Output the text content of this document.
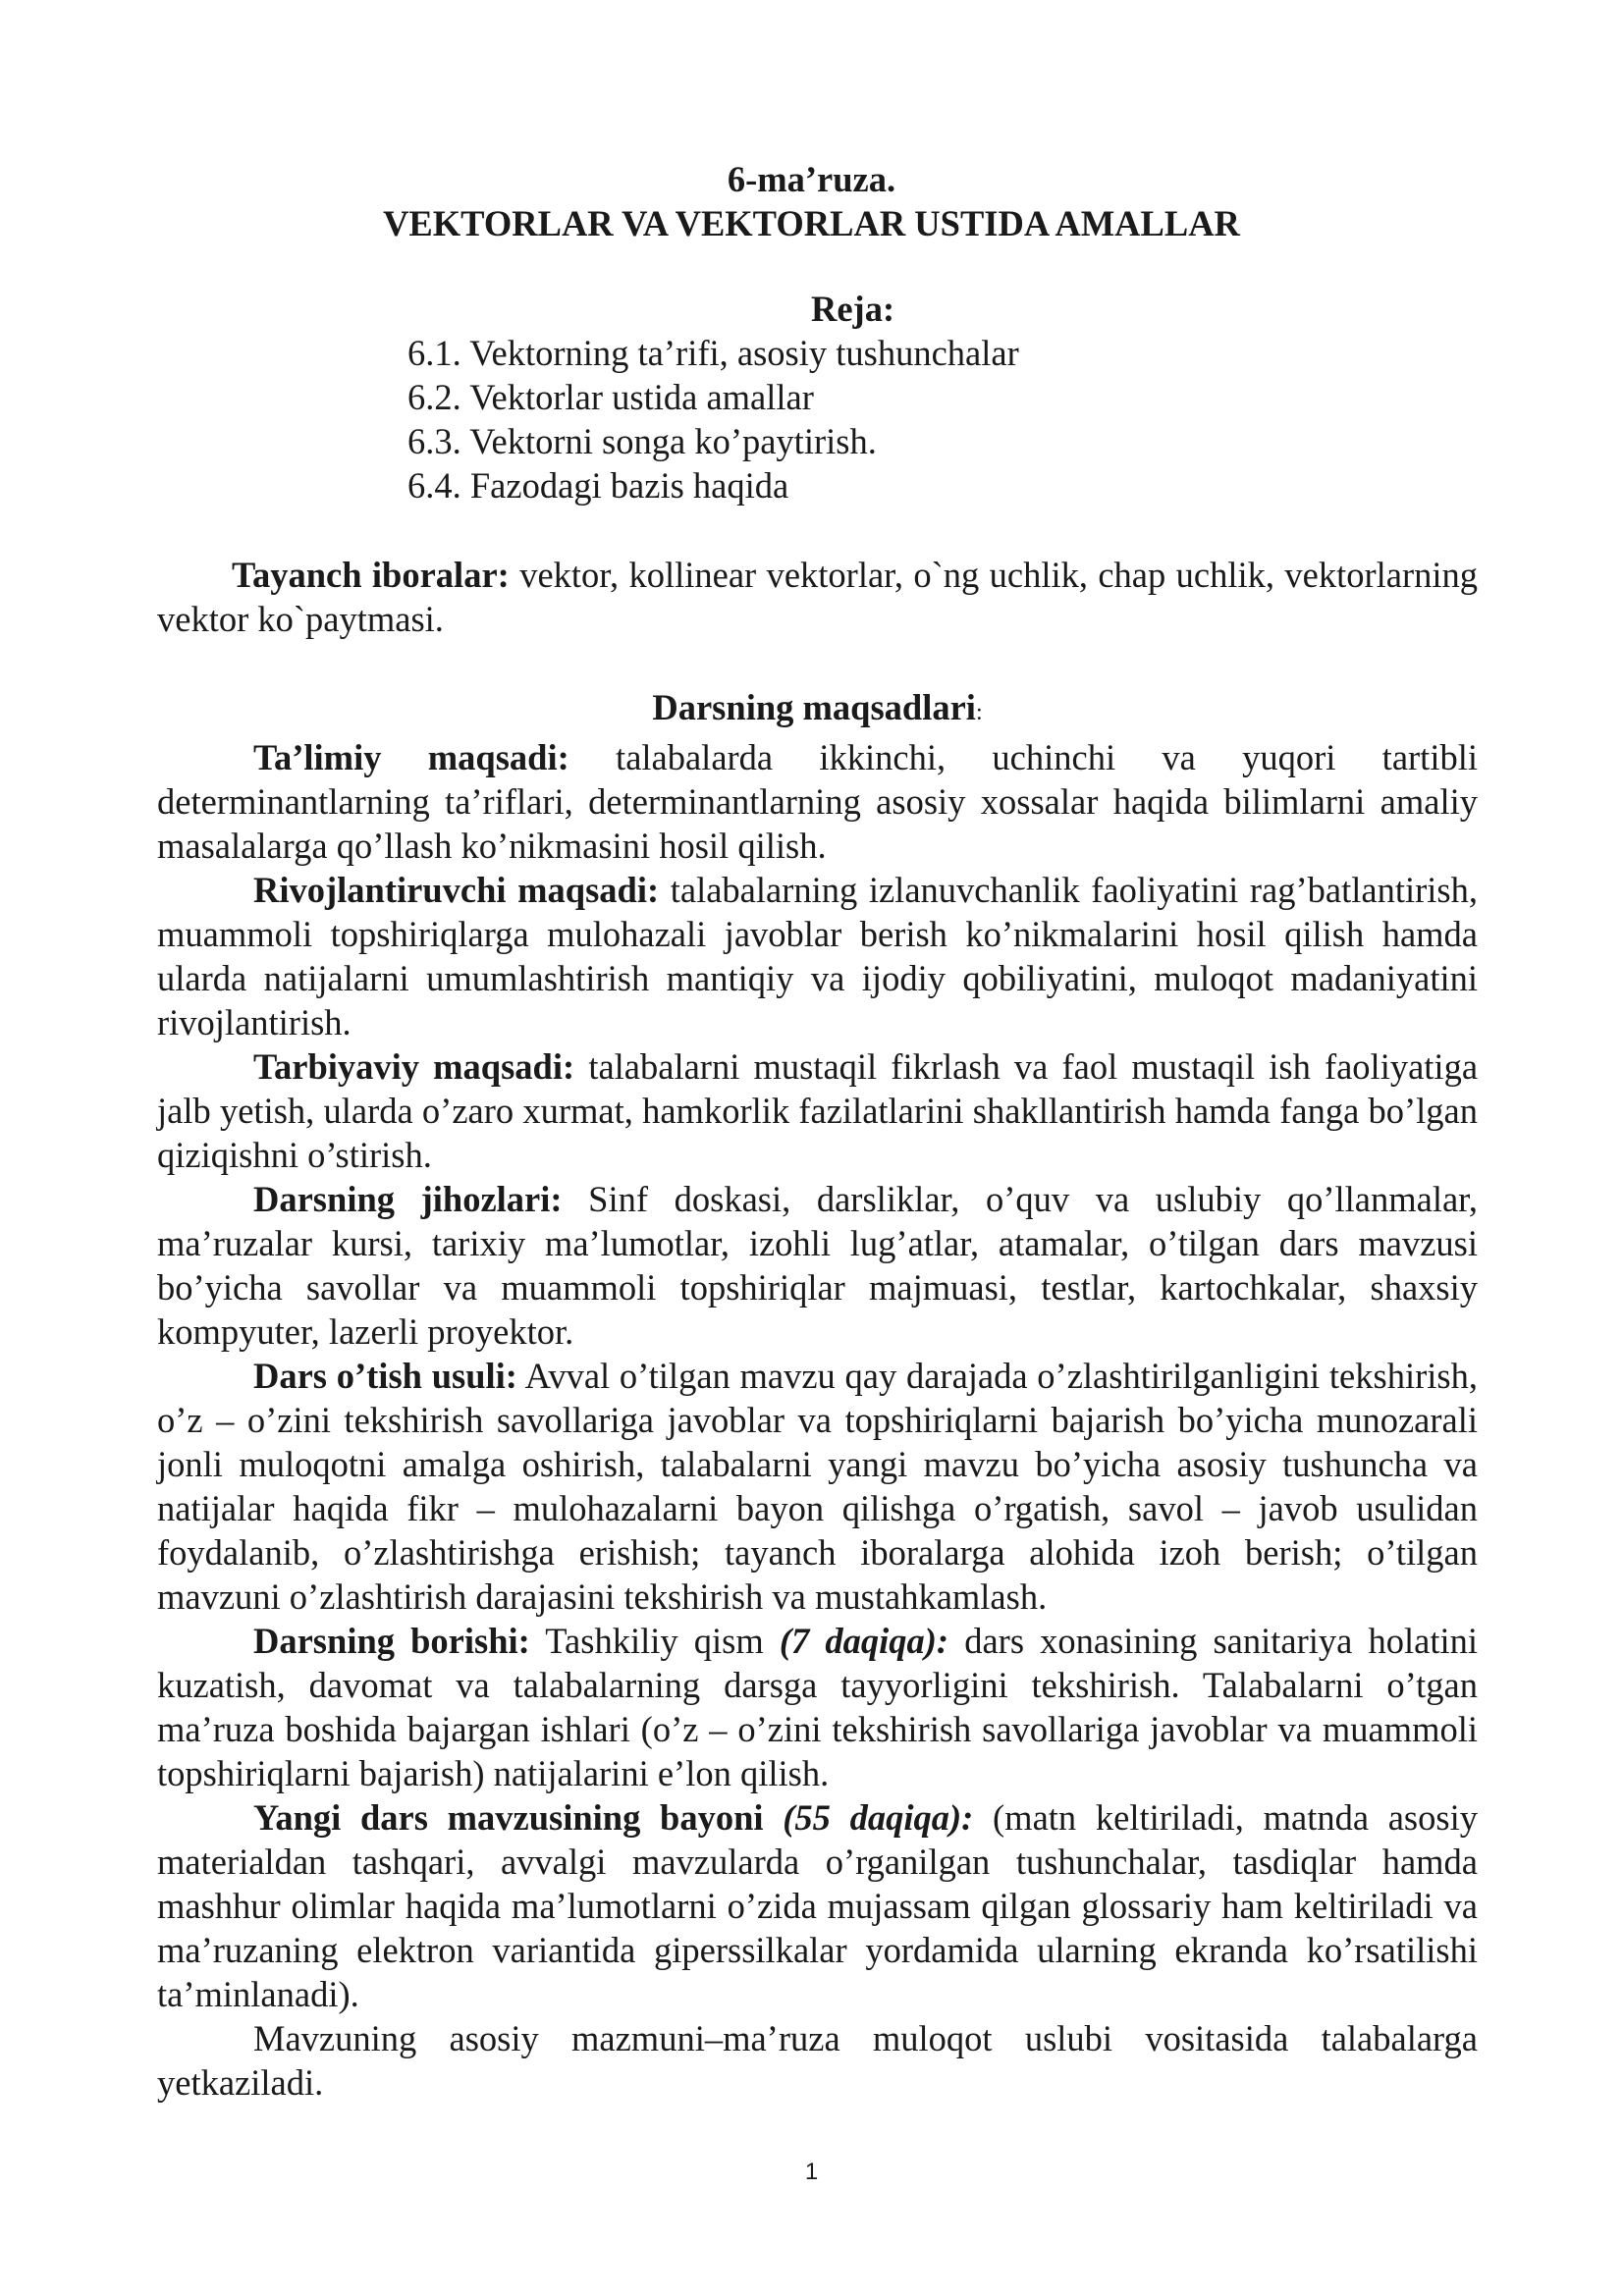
6-ma’ruza.
VEKTORLAR VA VEKTORLAR USTIDA AMALLAR
Reja:
6.1. Vektorning ta’rifi, asosiy tushunchalar
6.2. Vektorlar ustida amallar
6.3. Vektorni songa ko’paytirish.
6.4. Fazodagi bazis haqida

Tayanch iboralar: vektor, kollinear vektorlar, o`ng uchlik, chap uchlik, vektorlarning vektor ko`paytmasi.

Darsning maqsadlari:

Ta’limiy maqsadi: talabalarda ikkinchi, uchinchi va yuqori tartibli determinantlarning ta’riflari, determinantlarning asosiy xossalar haqida bilimlarni amaliy masalalarga qo’llash ko’nikmasini hosil qilish.

Rivojlantiruvchi maqsadi: talabalarning izlanuvchanlik faoliyatini rag’batlantirish, muammoli topshiriqlarga mulohazali javoblar berish ko’nikmalarini hosil qilish hamda ularda natijalarni umumlashtirish mantiqiy va ijodiy qobiliyatini, muloqot madaniyatini rivojlantirish.

Tarbiyaviy maqsadi: talabalarni mustaqil fikrlash va faol mustaqil ish faoliyatiga jalb yetish, ularda o’zaro xurmat, hamkorlik fazilatlarini shakllantirish hamda fanga bo’lgan qiziqishni o’stirish.

Darsning jihozlari: Sinf doskasi, darsliklar, o’quv va uslubiy qo’llanmalar, ma’ruzalar kursi, tarixiy ma’lumotlar, izohli lug’atlar, atamalar, o’tilgan dars mavzusi bo’yicha savollar va muammoli topshiriqlar majmuasi, testlar, kartochkalar, shaxsiy kompyuter, lazerli proyektor.

Dars o’tish usuli: Avval o’tilgan mavzu qay darajada o’zlashtirilganligini tekshirish, o’z – o’zini tekshirish savollariga javoblar va topshiriqlarni bajarish bo’yicha munozarali jonli muloqotni amalga oshirish, talabalarni yangi mavzu bo’yicha asosiy tushuncha va natijalar haqida fikr – mulohazalarni bayon qilishga o’rgatish, savol – javob usulidan foydalanib, o’zlashtirishga erishish; tayanch iboralarga alohida izoh berish; o’tilgan mavzuni o’zlashtirish darajasini tekshirish va mustahkamlash.

Darsning borishi: Tashkiliy qism (7 daqiqa): dars xonasining sanitariya holatini kuzatish, davomat va talabalarning darsga tayyorligini tekshirish. Talabalarni o’tgan ma’ruza boshida bajargan ishlari (o’z – o’zini tekshirish savollariga javoblar va muammoli topshiriqlarni bajarish) natijalarini e’lon qilish.

Yangi dars mavzusining bayoni (55 daqiqa): (matn keltiriladi, matnda asosiy materialdan tashqari, avvalgi mavzularda o’rganilgan tushunchalar, tasdiqlar hamda mashhur olimlar haqida ma’lumotlarni o’zida mujassam qilgan glossariy ham keltiriladi va ma’ruzaning elektron variantida giperssilkalar yordamida ularning ekranda ko’rsatilishi ta’minlanadi).

Mavzuning asosiy mazmuni–ma’ruza muloqot uslubi vositasida talabalarga yetkaziladi.

1
